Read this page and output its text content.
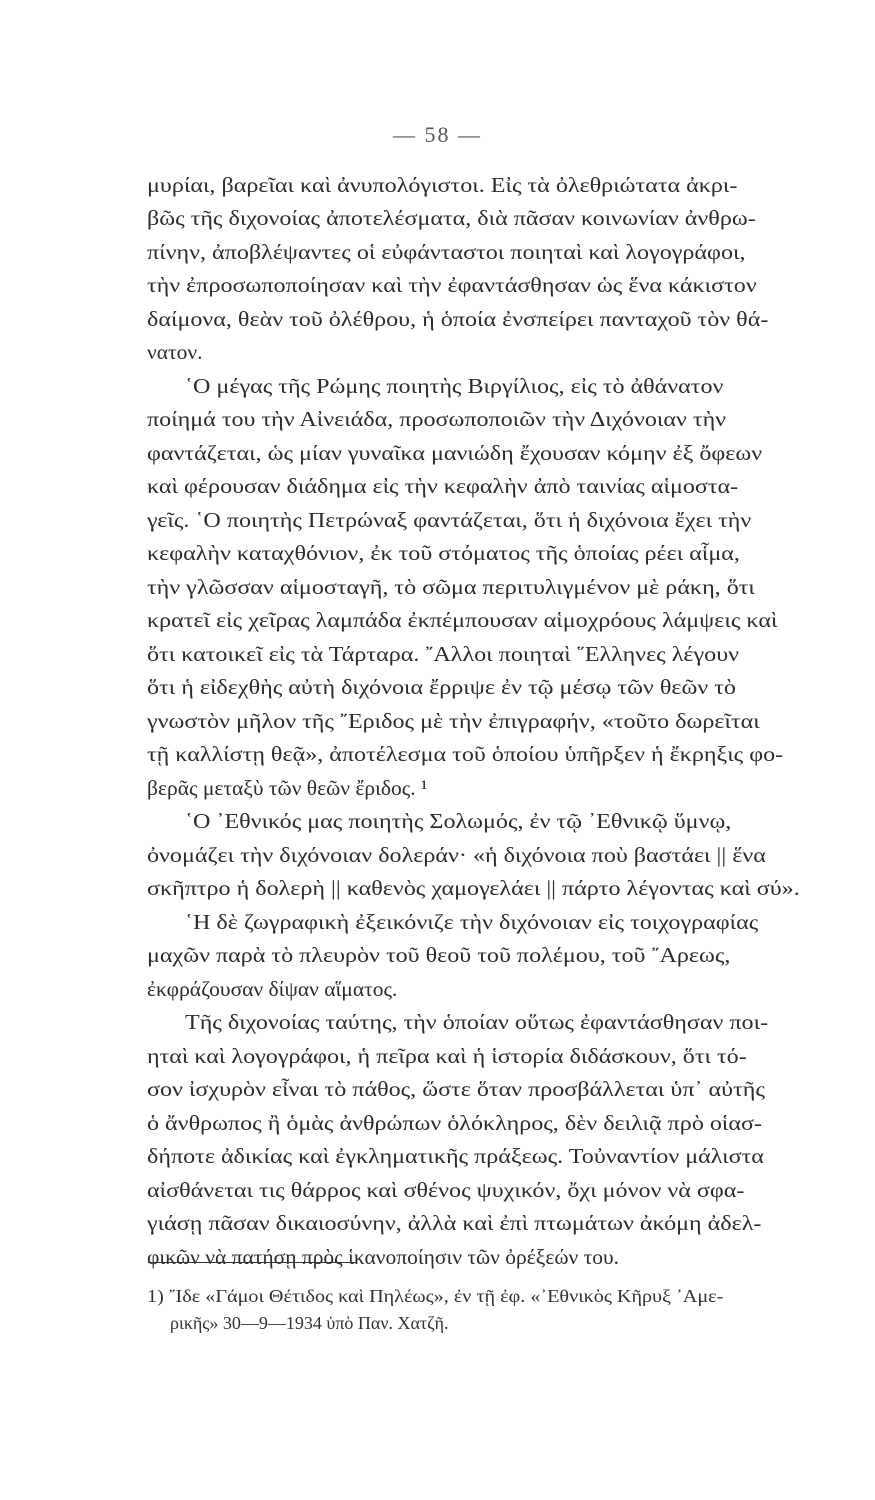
— 58 —
μυρίαι, βαρεῖαι καὶ ἀνυπολόγιστοι. Εἰς τὰ ὀλεθριώτατα ἀκρι-
βῶς τῆς διχονοίας ἀποτελέσματα, διὰ πᾶσαν κοινωνίαν ἀνθρω-
πίνην, ἀποβλέψαντες οἱ εὐφάνταστοι ποιηταὶ καὶ λογογράφοι,
τὴν ἐπροσωποποίησαν καὶ τὴν ἐφαντάσθησαν ὡς ἕνα κάκιστον
δαίμονα, θεὰν τοῦ ὀλέθρου, ἡ ὁποία ἐνσπείρει πανταχοῦ τὸν θά-
νατον.
῾Ο μέγας τῆς Ρώμης ποιητὴς Βιργίλιος, εἰς τὸ ἀθάνατον
ποίημά του τὴν Αἰνειάδα, προσωποποιῶν τὴν Διχόνοιαν τὴν
φαντάζεται, ὡς μίαν γυναῖκα μανιώδη ἔχουσαν κόμην ἐξ ὄφεων
καὶ φέρουσαν διάδημα εἰς τὴν κεφαλὴν ἀπὸ ταινίας αἱμοστα-
γεῖς. ῾Ο ποιητὴς Πετρώναξ φαντάζεται, ὅτι ἡ διχόνοια ἔχει τὴν
κεφαλὴν καταχθόνιον, ἐκ τοῦ στόματος τῆς ὁποίας ρέει αἷμα,
τὴν γλῶσσαν αἱμοσταγῆ, τὸ σῶμα περιτυλιγμένον μὲ ράκη, ὅτι
κρατεῖ εἰς χεῖρας λαμπάδα ἐκπέμπουσαν αἱμοχρόους λάμψεις καὶ
ὅτι κατοικεῖ εἰς τὰ Τάρταρα. ῎Αλλοι ποιηταὶ ῞Ελληνες λέγουν
ὅτι ἡ εἰδεχθὴς αὐτὴ διχόνοια ἔρριψε ἐν τῷ μέσῳ τῶν θεῶν τὸ
γνωστὸν μῆλον τῆς ῎Εριδος μὲ τὴν ἐπιγραφήν, «τοῦτο δωρεῖται
τῇ καλλίστῃ θεᾷ», ἀποτέλεσμα τοῦ ὁποίου ὑπῆρξεν ἡ ἔκρηξις φο-
βερᾶς μεταξὺ τῶν θεῶν ἔριδος. ¹
῾Ο ᾿Εθνικός μας ποιητὴς Σολωμός, ἐν τῷ ᾿Εθνικῷ ὕμνῳ,
ὀνομάζει τὴν διχόνοιαν δολεράν· «ἡ διχόνοια ποὺ βαστάει || ἕνα
σκῆπτρο ἡ δολερὴ || καθενὸς χαμογελάει || πάρτο λέγοντας καὶ σύ».
῾Η δὲ ζωγραφικὴ ἐξεικόνιζε τὴν διχόνοιαν εἰς τοιχογραφίας
μαχῶν παρὰ τὸ πλευρὸν τοῦ θεοῦ τοῦ πολέμου, τοῦ ῎Αρεως,
ἐκφράζουσαν δίψαν αἵματος.
Τῆς διχονοίας ταύτης, τὴν ὁποίαν οὕτως ἐφαντάσθησαν ποι-
ηταὶ καὶ λογογράφοι, ἡ πεῖρα καὶ ἡ ἱστορία διδάσκουν, ὅτι τό-
σον ἰσχυρὸν εἶναι τὸ πάθος, ὥστε ὅταν προσβάλλεται ὑπ᾿ αὐτῆς
ὁ ἄνθρωπος ἢ ὁμὰς ἀνθρώπων ὁλόκληρος, δὲν δειλιᾷ πρὸ οἱασ-
δήποτε ἀδικίας καὶ ἐγκληματικῆς πράξεως. Τοὐναντίον μάλιστα
αἰσθάνεται τις θάρρος καὶ σθένος ψυχικόν, ὄχι μόνον νὰ σφα-
γιάσῃ πᾶσαν δικαιοσύνην, ἀλλὰ καὶ ἐπὶ πτωμάτων ἀκόμη ἀδελ-
φικῶν νὰ πατήσῃ πρὸς ἱκανοποίησιν τῶν ὀρέξεών του.
1) ῎Ιδε «Γάμοι Θέτιδος καὶ Πηλέως», ἐν τῇ ἐφ. «᾿Εθνικὸς Κῆρυξ ᾿Αμε-
ρικῆς» 30—9—1934 ὑπὸ Παν. Χατζῆ.
